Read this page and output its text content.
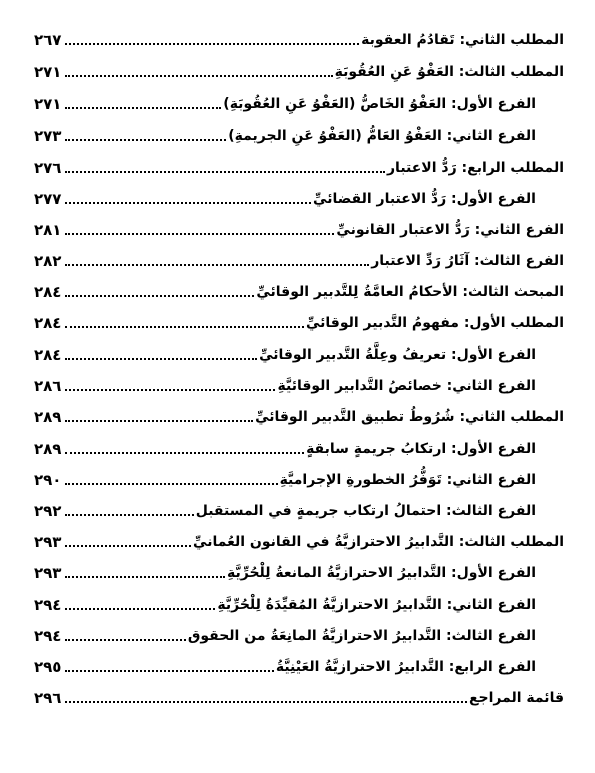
المطلب الثاني: تَقادُمُ العقوبة
٢٦٧
المطلب الثالث: العَفْوُ عَنِ العُقُوبَةِ
٢٧١
الفرع الأول: العَفْوُ الخَاصُّ (العَفْوُ عَنِ العُقُوبَةِ)
٢٧١
الفرع الثاني: العَفْوُ العَامُّ (العَفْوُ عَنِ الجريمةِ)
٢٧٣
المطلب الرابع: رَدُّ الاعتبار
٢٧٦
الفرع الأول: رَدُّ الاعتبار القضائيِّ
٢٧٧
الفرع الثاني: رَدُّ الاعتبار القانونيِّ
٢٨١
الفرع الثالث: آثَارُ رَدِّ الاعتبار
٢٨٢
المبحث الثالث: الأحكامُ العامَّةُ لِلتَّدبير الوقائيِّ
٢٨٤
المطلب الأول: مفهومُ التَّدبير الوقائيِّ
٢٨٤
الفرع الأول: تعريفُ وعِلَّةُ التَّدبير الوقائيِّ
٢٨٤
الفرع الثاني: خصائصُ التَّدابير الوقائيَّةِ
٢٨٦
المطلب الثاني: شُرُوطُ تطبيق التَّدبير الوقائيِّ
٢٨٩
الفرع الأول: ارتكابُ جريمةٍ سابقةٍ
٢٨٩
الفرع الثاني: تَوَفُّرُ الخطورةِ الإجراميَّةِ
٢٩٠
الفرع الثالث: احتمالُ ارتكاب جريمةٍ في المستقبل
٢٩٢
المطلب الثالث: التَّدابيرُ الاحترازيَّةُ في القانون العُمانيِّ
٢٩٣
الفرع الأول: التَّدابيرُ الاحترازيَّةُ المانعةُ لِلْحُرِّيَّةِ
٢٩٣
الفرع الثاني: التَّدابيرُ الاحترازيَّةُ المُقيِّدَةُ لِلْحُرِّيَّةِ
٢٩٤
الفرع الثالث: التَّدابيرُ الاحترازيَّةُ المانِعَةُ من الحقوق
٢٩٤
الفرع الرابع: التَّدابيرُ الاحترازيَّةُ العَيْنِيَّةُ
٢٩٥
قائمة المراجع
٢٩٦
